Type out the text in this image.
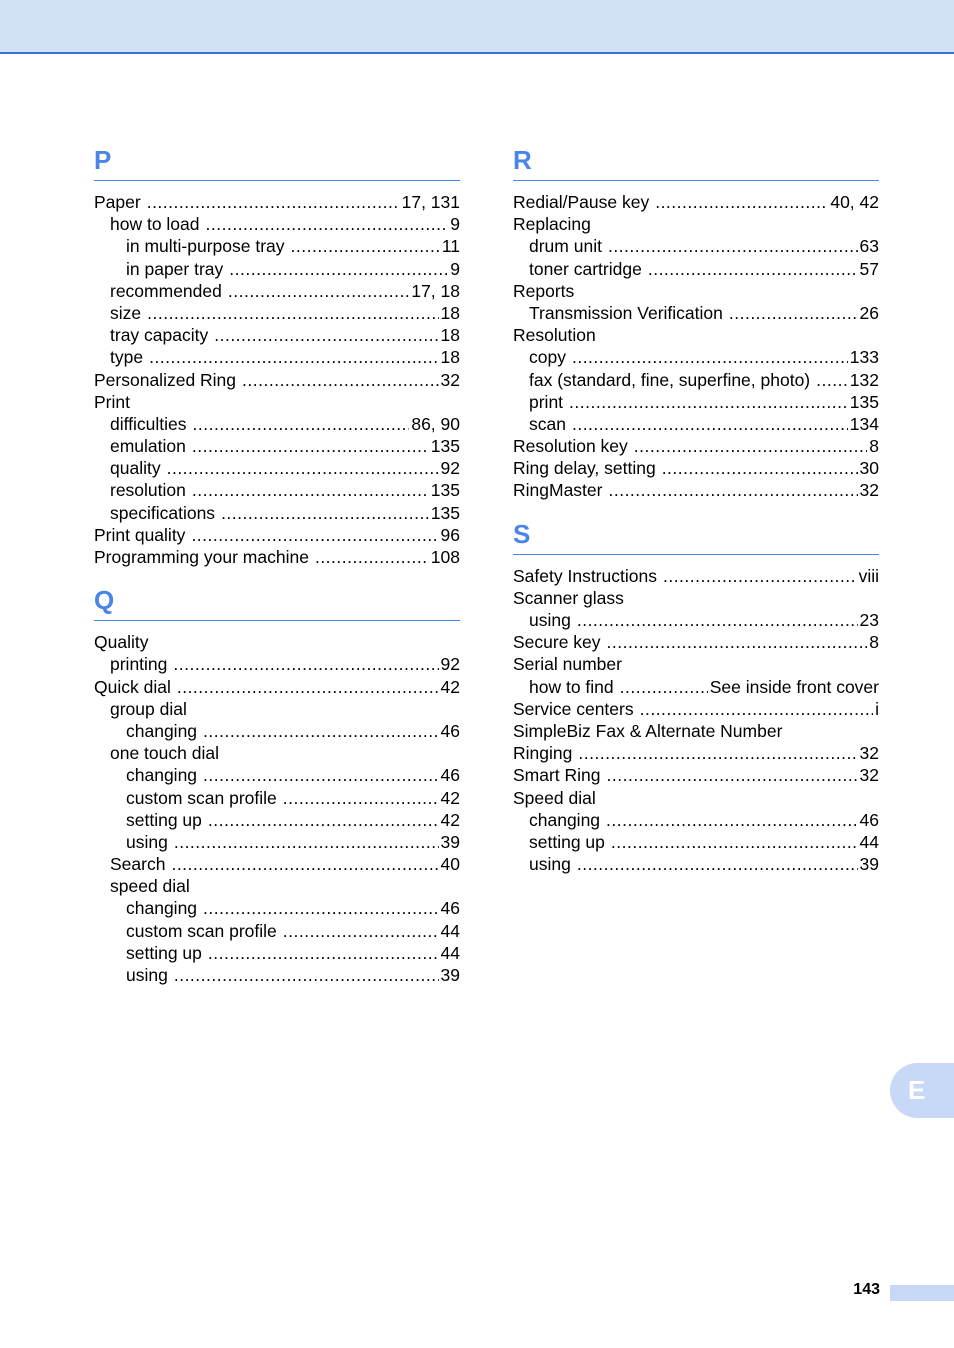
P
Paper .....	17, 131
how to load .....	9
in multi-purpose tray .....	11
in paper tray .....	9
recommended .....	17, 18
size .....	18
tray capacity .....	18
type .....	18
Personalized Ring .....	32
Print
difficulties .....	86, 90
emulation .....	135
quality .....	92
resolution .....	135
specifications .....	135
Print quality .....	96
Programming your machine .....	108
Q
Quality
printing .....	92
Quick dial .....	42
group dial
changing .....	46
one touch dial
changing .....	46
custom scan profile .....	42
setting up .....	42
using .....	39
Search .....	40
speed dial
changing .....	46
custom scan profile .....	44
setting up .....	44
using .....	39
R
Redial/Pause key .....	40, 42
Replacing
drum unit .....	63
toner cartridge .....	57
Reports
Transmission Verification .....	26
Resolution
copy .....	133
fax (standard, fine, superfine, photo) .....	132
print .....	135
scan .....	134
Resolution key .....	8
Ring delay, setting .....	30
RingMaster .....	32
S
Safety Instructions .....	viii
Scanner glass
using .....	23
Secure key .....	8
Serial number
how to find .....	See inside front cover
Service centers .....	i
SimpleBiz Fax & Alternate Number
Ringing .....	32
Smart Ring .....	32
Speed dial
changing .....	46
setting up .....	44
using .....	39
E
143
